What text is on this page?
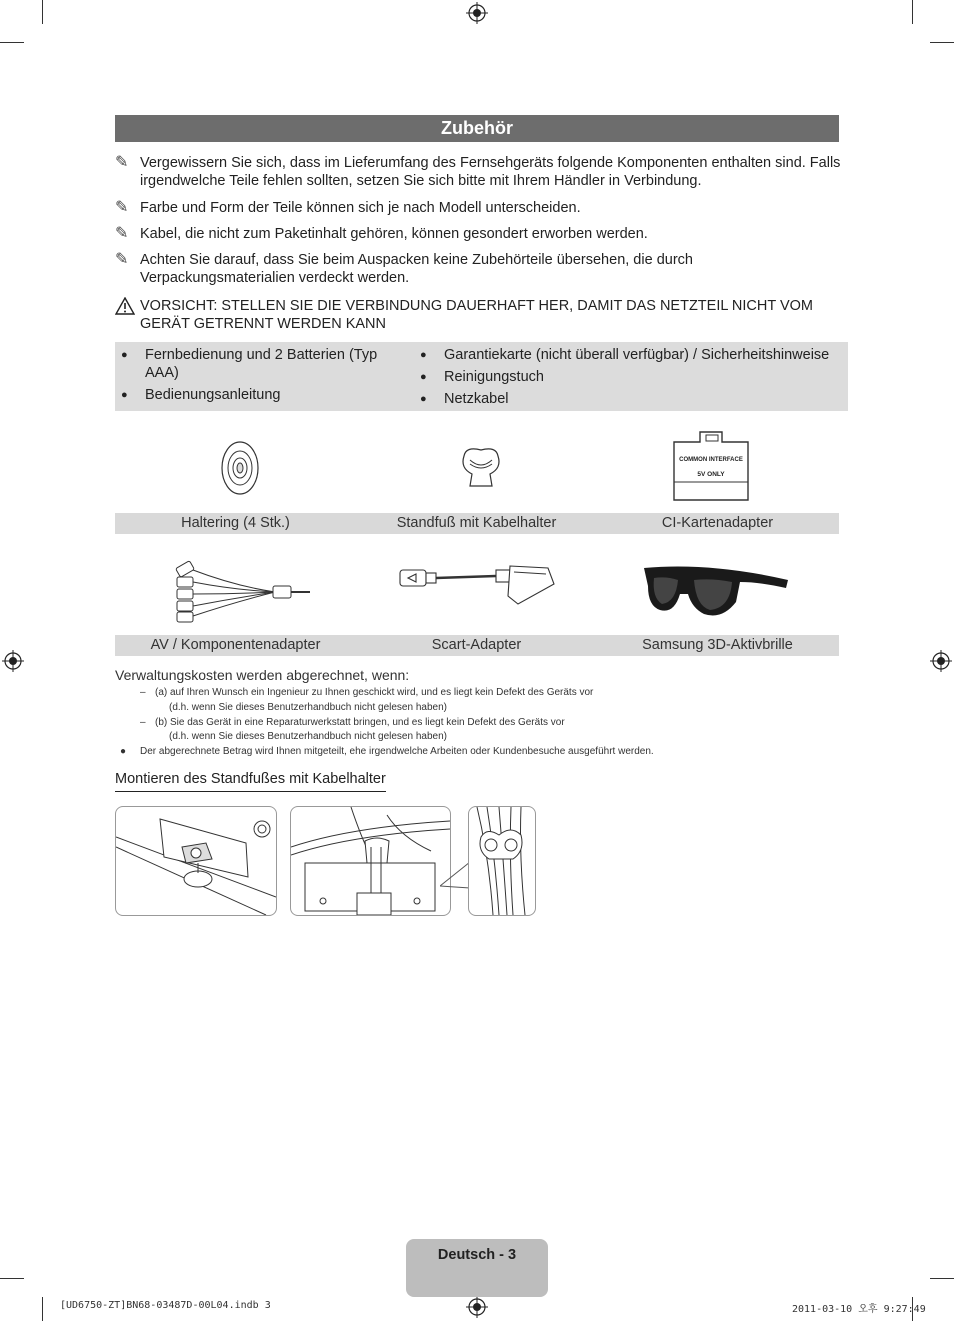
Zubehör
✎ Vergewissern Sie sich, dass im Lieferumfang des Fernsehgeräts folgende Komponenten enthalten sind. Falls irgendwelche Teile fehlen sollten, setzen Sie sich bitte mit Ihrem Händler in Verbindung.
✎ Farbe und Form der Teile können sich je nach Modell unterscheiden.
✎ Kabel, die nicht zum Paketinhalt gehören, können gesondert erworben werden.
✎ Achten Sie darauf, dass Sie beim Auspacken keine Zubehörteile übersehen, die durch Verpackungsmaterialien verdeckt werden.
VORSICHT: STELLEN SIE DIE VERBINDUNG DAUERHAFT HER, DAMIT DAS NETZTEIL NICHT VOM GERÄT GETRENNT WERDEN KANN
● Fernbedienung und 2 Batterien (Typ AAA)
● Bedienungsanleitung
● Garantiekarte (nicht überall verfügbar) / Sicherheitshinweise
● Reinigungstuch
● Netzkabel
COMMON INTERFACE
5V ONLY
Haltering (4 Stk.)	Standfuß mit Kabelhalter	CI-Kartenadapter
AV / Komponentenadapter	Scart-Adapter	Samsung 3D-Aktivbrille
Verwaltungskosten werden abgerechnet, wenn:
– (a) auf Ihren Wunsch ein Ingenieur zu Ihnen geschickt wird, und es liegt kein Defekt des Geräts vor
(d.h. wenn Sie dieses Benutzerhandbuch nicht gelesen haben)
– (b) Sie das Gerät in eine Reparaturwerkstatt bringen, und es liegt kein Defekt des Geräts vor
(d.h. wenn Sie dieses Benutzerhandbuch nicht gelesen haben)
● Der abgerechnete Betrag wird Ihnen mitgeteilt, ehe irgendwelche Arbeiten oder Kundenbesuche ausgeführt werden.
Montieren des Standfußes mit Kabelhalter
Deutsch - 3
[UD6750-ZT]BN68-03487D-00L04.indb 3	2011-03-10 오후 9:27:49
